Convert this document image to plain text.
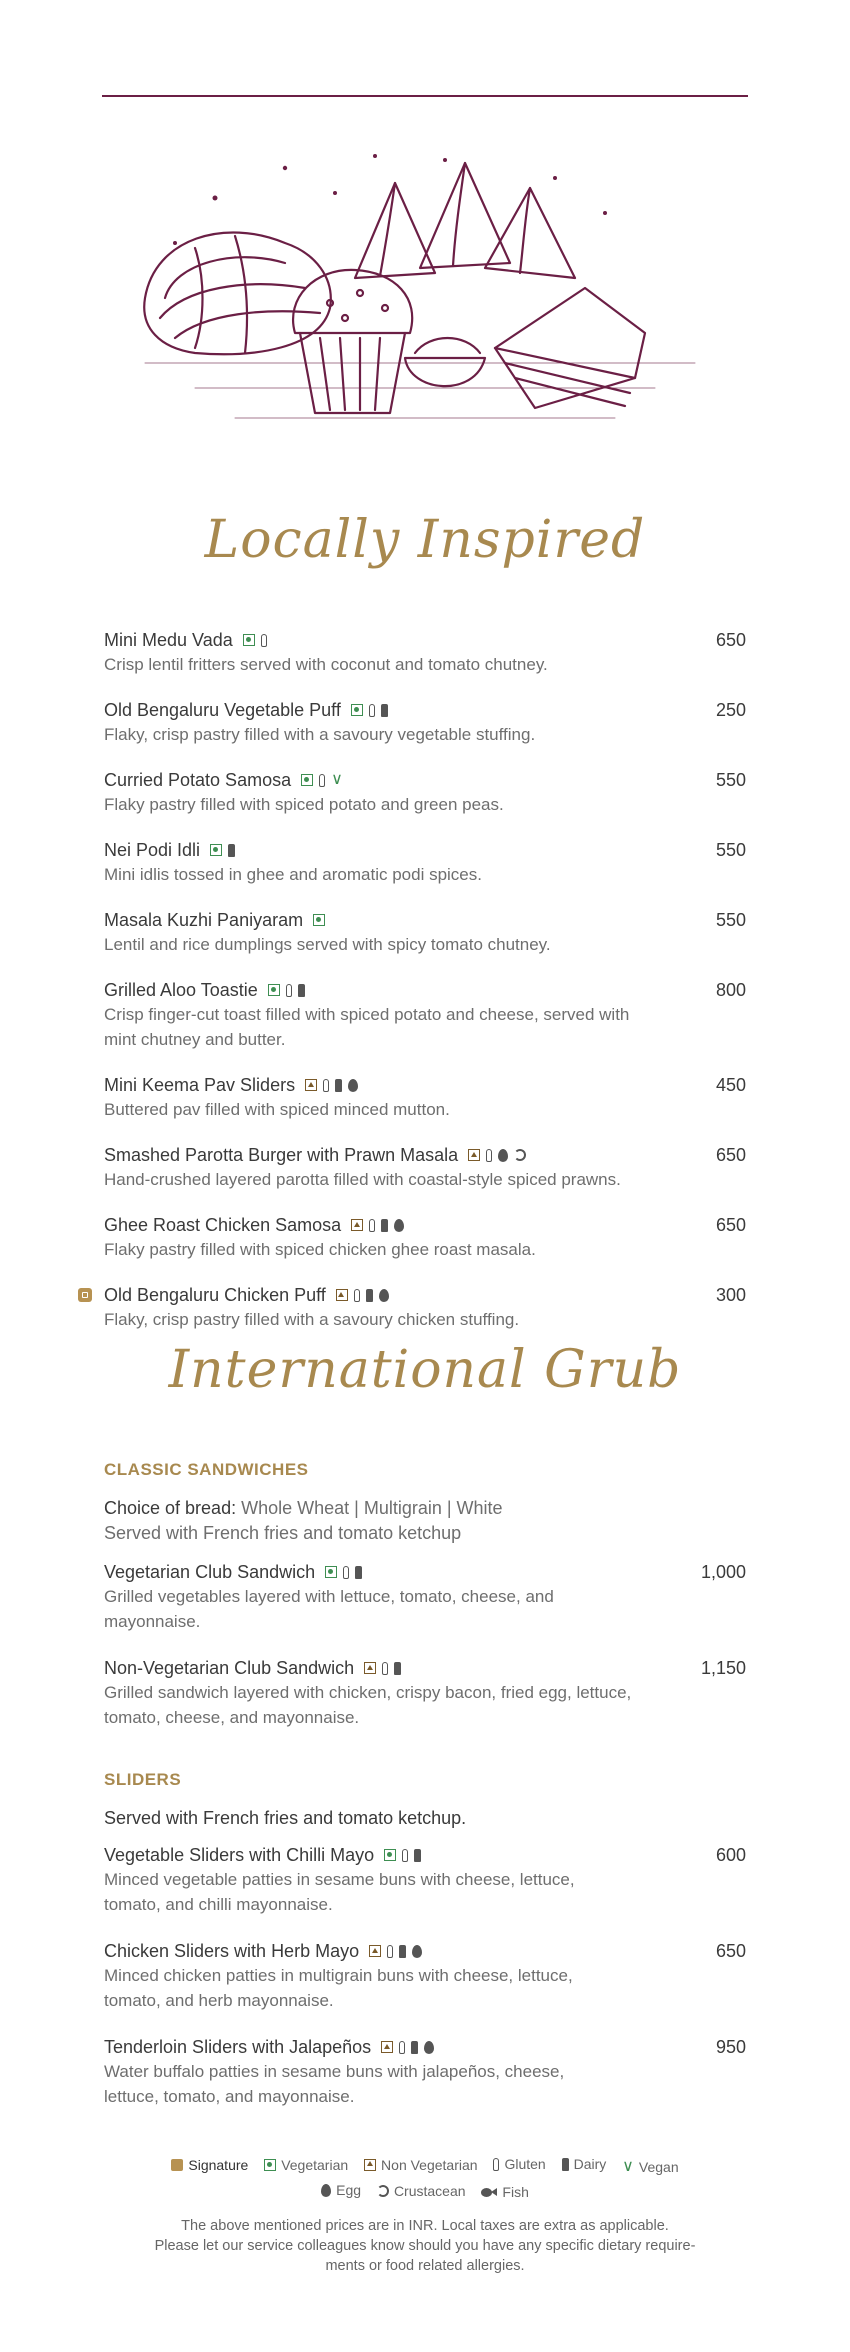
Locally Inspired
Mini Medu Vada	650
Crisp lentil fritters served with coconut and tomato chutney.
Old Bengaluru Vegetable Puff	250
Flaky, crisp pastry filled with a savoury vegetable stuffing.
Curried Potato Samosa	∨	550
Flaky pastry filled with spiced potato and green peas.
Nei Podi Idli	550
Mini idlis tossed in ghee and aromatic podi spices.
Masala Kuzhi Paniyaram	550
Lentil and rice dumplings served with spicy tomato chutney.
Grilled Aloo Toastie	800
Crisp finger-cut toast filled with spiced potato and cheese, served with mint chutney and butter.
Mini Keema Pav Sliders	450
Buttered pav filled with spiced minced mutton.
Smashed Parotta Burger with Prawn Masala	650
Hand-crushed layered parotta filled with coastal-style spiced prawns.
Ghee Roast Chicken Samosa	650
Flaky pastry filled with spiced chicken ghee roast masala.
Old Bengaluru Chicken Puff	300
Flaky, crisp pastry filled with a savoury chicken stuffing.
International Grub
CLASSIC SANDWICHES
Choice of bread: Whole Wheat | Multigrain | White
Served with French fries and tomato ketchup
Vegetarian Club Sandwich	1,000
Grilled vegetables layered with lettuce, tomato, cheese, and mayonnaise.
Non-Vegetarian Club Sandwich	1,150
Grilled sandwich layered with chicken, crispy bacon, fried egg, lettuce, tomato, cheese, and mayonnaise.
SLIDERS
Served with French fries and tomato ketchup.
Vegetable Sliders with Chilli Mayo	600
Minced vegetable patties in sesame buns with cheese, lettuce, tomato, and chilli mayonnaise.
Chicken Sliders with Herb Mayo	650
Minced chicken patties in multigrain buns with cheese, lettuce, tomato, and herb mayonnaise.
Tenderloin Sliders with Jalapeños	950
Water buffalo patties in sesame buns with jalapeños, cheese, lettuce, tomato, and mayonnaise.
Signature
Vegetarian
Non Vegetarian
Gluten
Dairy
∨ Vegan
Egg
Crustacean
	Fish
The above mentioned prices are in INR. Local taxes are extra as applicable.
Please let our service colleagues know should you have any specific dietary require-
ments or food related allergies.
